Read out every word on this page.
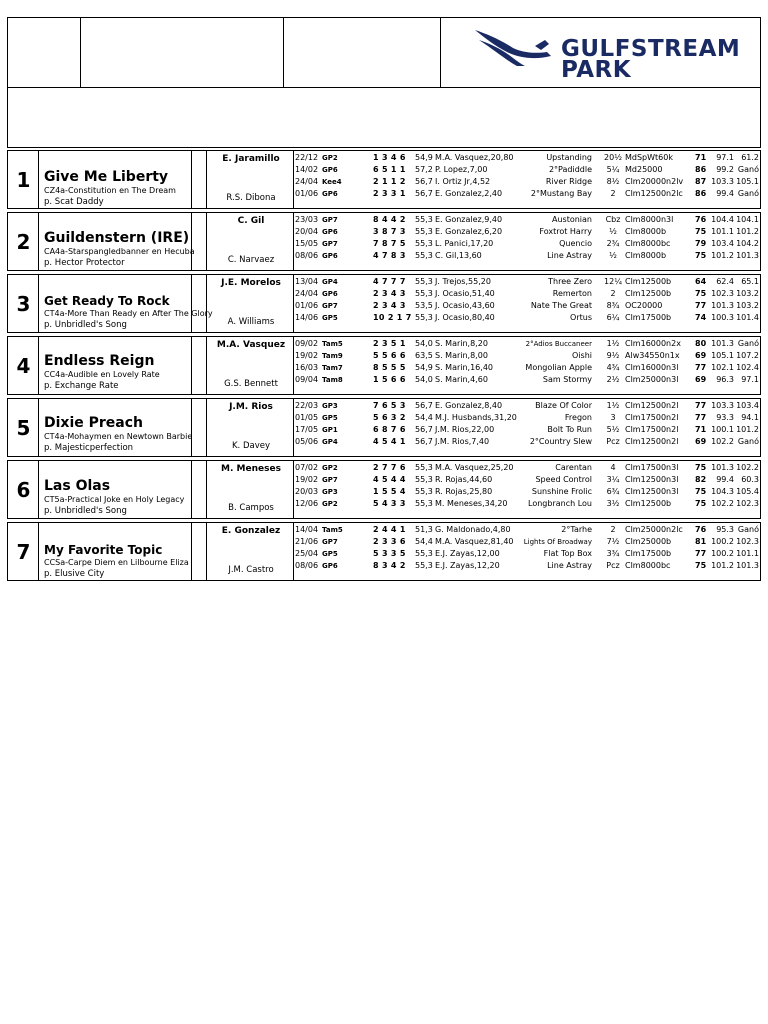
GULFSTREAM
PARK
1 Give Me Liberty
CZ4a-Constitution en The Dream
p. Scat Daddy
E. Jaramillo
R.S. Dibona
22/12 GP2	1 3 4 6 54,9 M.A. Vasquez,20,80	Upstanding	20½ MdSpWt60k	71	97.1 61.2
14/02 GP6	6 5 1 1 57,2 P. Lopez,7,00	2°Padiddle	5¼ Md25000	86	99.2 Ganó
24/04 Kee4	2 1 1 2 56,7 I. Ortiz Jr,4,52	River Ridge	8½ Clm20000n2lv 87 103.3 105.1
01/06 GP6	2 3 3 1 56,7 E. Gonzalez,2,40	2°Mustang Bay	2	Clm12500n2lc 86	99.4 Ganó
2 Guildenstern (IRE)
CA4a-Starspangledbanner en Hecuba
p. Hector Protector
C. Gil
C. Narvaez
23/03 GP7	8 4 4 2 55,3 E. Gonzalez,9,40	Austonian	Cbz Clm8000n3l	76 104.4 104.1
20/04 GP6	3 8 7 3 55,3 E. Gonzalez,6,20	Foxtrot Harry	½	Clm8000b	75 101.1 101.2
15/05 GP7	7 8 7 5 55,3 L. Panici,17,20	Quencio	2¾ Clm8000bc	79 103.4 104.2
08/06 GP6	4 7 8 3 55,3 C. Gil,13,60	Line Astray	½	Clm8000b	75 101.2 101.3
3	Get Ready To Rock
CT4a-More Than Ready en After The Glory
p. Unbridled's Song
J.E. Morelos
A. Williams
13/04 GP4	4 7 7 7 55,3 J. Trejos,55,20	Three Zero	12¼ Clm12500b	64	62.4 65.1
24/04 GP6	2 3 4 3 55,3 J. Ocasio,51,40	Remerton	2	Clm12500b	75 102.3 103.2
01/06 GP7	2 3 4 3 53,5 J. Ocasio,43,60	Nate The Great	8¾ OC20000	77 101.3 103.2
14/06 GP5	10 2 1 7 55,3 J. Ocasio,80,40	Ortus	6¼ Clm17500b	74 100.3 101.4
4 Endless Reign
CC4a-Audible en Lovely Rate
p. Exchange Rate
M.A. Vasquez
G.S. Bennett
09/02 Tam5	2 3 5 1 54,0 S. Marin,8,20	2°Adios Buccaneer	1½ Clm16000n2x 80 101.3 Ganó
19/02 Tam9	5 5 6 6 63,5 S. Marin,8,00	Oishi	9½ Alw34550n1x 69 105.1 107.2
16/03 Tam7	8 5 5 5 54,9 S. Marin,16,40	Mongolian Apple	4¾ Clm16000n3l 77 102.1 102.4
09/04 Tam8	1 5 6 6 54,0 S. Marin,4,60	Sam Stormy	2½ Clm25000n3l 69	96.3 97.1
5 Dixie Preach
CT4a-Mohaymen en Newtown Barbie
p. Majesticperfection
J.M. Rios
K. Davey
22/03 GP3	7 6 5 3 56,7 E. Gonzalez,8,40	Blaze Of Color	1½ Clm12500n2l 77 103.3 103.4
01/05 GP5	5 6 3 2 54,4 M.J. Husbands,31,20	Fregon	3	Clm17500n2l 77	93.3 94.1
17/05 GP1	6 8 7 6 56,7 J.M. Rios,22,00	Bolt To Run	5½ Clm17500n2l 71 100.1 101.2
05/06 GP4	4 5 4 1 56,7 J.M. Rios,7,40	2°Country Slew	Pcz Clm12500n2l 69 102.2 Ganó
6 Las Olas
CT5a-Practical Joke en Holy Legacy
p. Unbridled's Song
M. Meneses
B. Campos
07/02 GP2	2 7 7 6 55,3 M.A. Vasquez,25,20	Carentan	4	Clm17500n3l 75 101.3 102.2
19/02 GP7	4 5 4 4 55,3 R. Rojas,44,60	Speed Control	3¼ Clm12500n3l 82	99.4 60.3
20/03 GP3	1 5 5 4 55,3 R. Rojas,25,80	Sunshine Frolic	6¾ Clm12500n3l 75 104.3 105.4
12/06 GP2	5 4 3 3 55,3 M. Meneses,34,20	Longbranch Lou	3½ Clm12500b	75 102.2 102.3
7	My Favorite Topic
CCSa-Carpe Diem en Lilbourne Eliza
p. Elusive City
E. Gonzalez
J.M. Castro
14/04 Tam5	2 4 4 1 51,3 G. Maldonado,4,80	2°Tarhe	2	Clm25000n2lc 76	95.3 Ganó
21/06 GP7	2 3 3 6 54,4 M.A. Vasquez,81,40 Lights Of Broadway	7½ Clm25000b	81 100.2 102.3
25/04 GP5	5 3 3 5 55,3 E.J. Zayas,12,00	Flat Top Box	3¾ Clm17500b	77 100.2 101.1
08/06 GP6	8 3 4 2 55,3 E.J. Zayas,12,20	Line Astray	Pcz Clm8000bc	75 101.2 101.3
